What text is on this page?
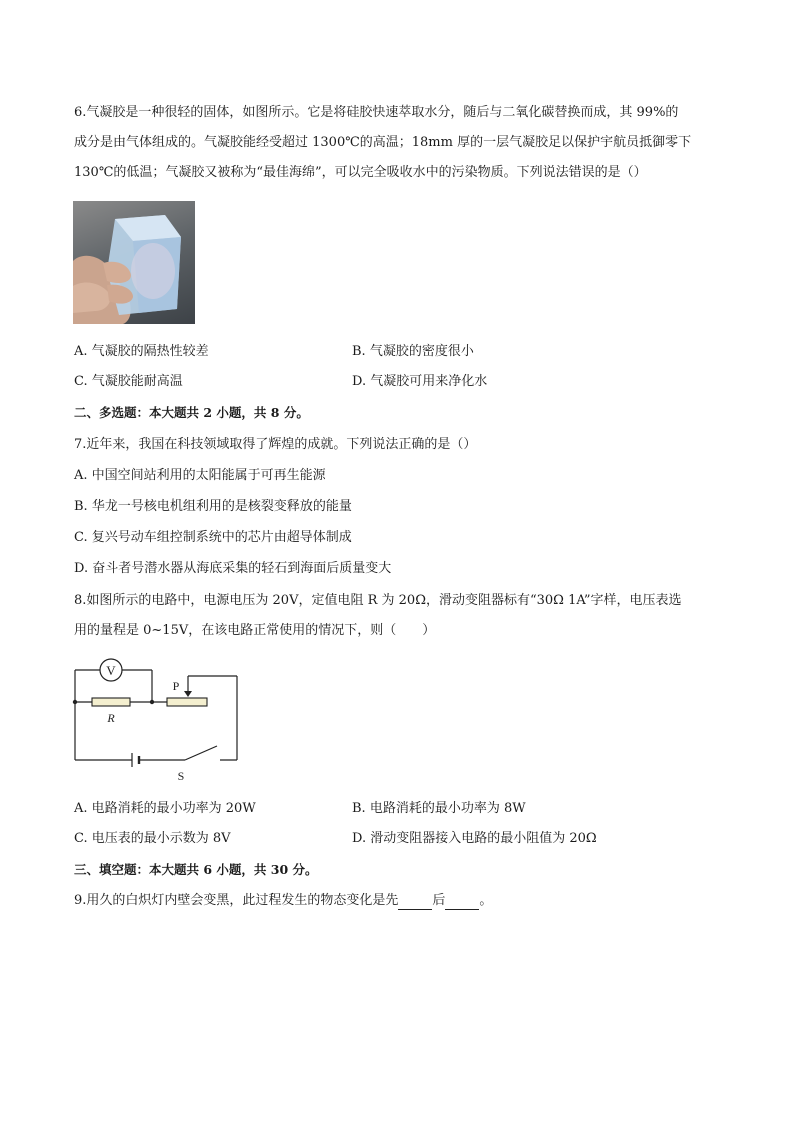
6.气凝胶是一种很轻的固体，如图所示。它是将硅胶快速萃取水分，随后与二氧化碳替换而成，其 99%的
成分是由气体组成的。气凝胶能经受超过 1300℃的高温；18mm 厚的一层气凝胶足以保护宇航员抵御零下
130℃的低温；气凝胶又被称为“最佳海绵”，可以完全吸收水中的污染物质。下列说法错误的是（）
A. 气凝胶的隔热性较差	B. 气凝胶的密度很小
C. 气凝胶能耐高温	D. 气凝胶可用来净化水
二、多选题：本大题共 2 小题，共 8 分。
7.近年来，我国在科技领域取得了辉煌的成就。下列说法正确的是（）
A. 中国空间站利用的太阳能属于可再生能源
B. 华龙一号核电机组利用的是核裂变释放的能量
C. 复兴号动车组控制系统中的芯片由超导体制成
D. 奋斗者号潜水器从海底采集的轻石到海面后质量变大
8.如图所示的电路中，电源电压为 20V，定值电阻 R 为 20Ω，滑动变阻器标有“30Ω 1A”字样，电压表选
用的量程是 0~15V，在该电路正常使用的情况下，则（　　）
V
R
P
S
A. 电路消耗的最小功率为 20W	B. 电路消耗的最小功率为 8W
C. 电压表的最小示数为 8V	D. 滑动变阻器接入电路的最小阻值为 20Ω
三、填空题：本大题共 6 小题，共 30 分。
9.用久的白炽灯内壁会变黑，此过程发生的物态变化是先	后	。
